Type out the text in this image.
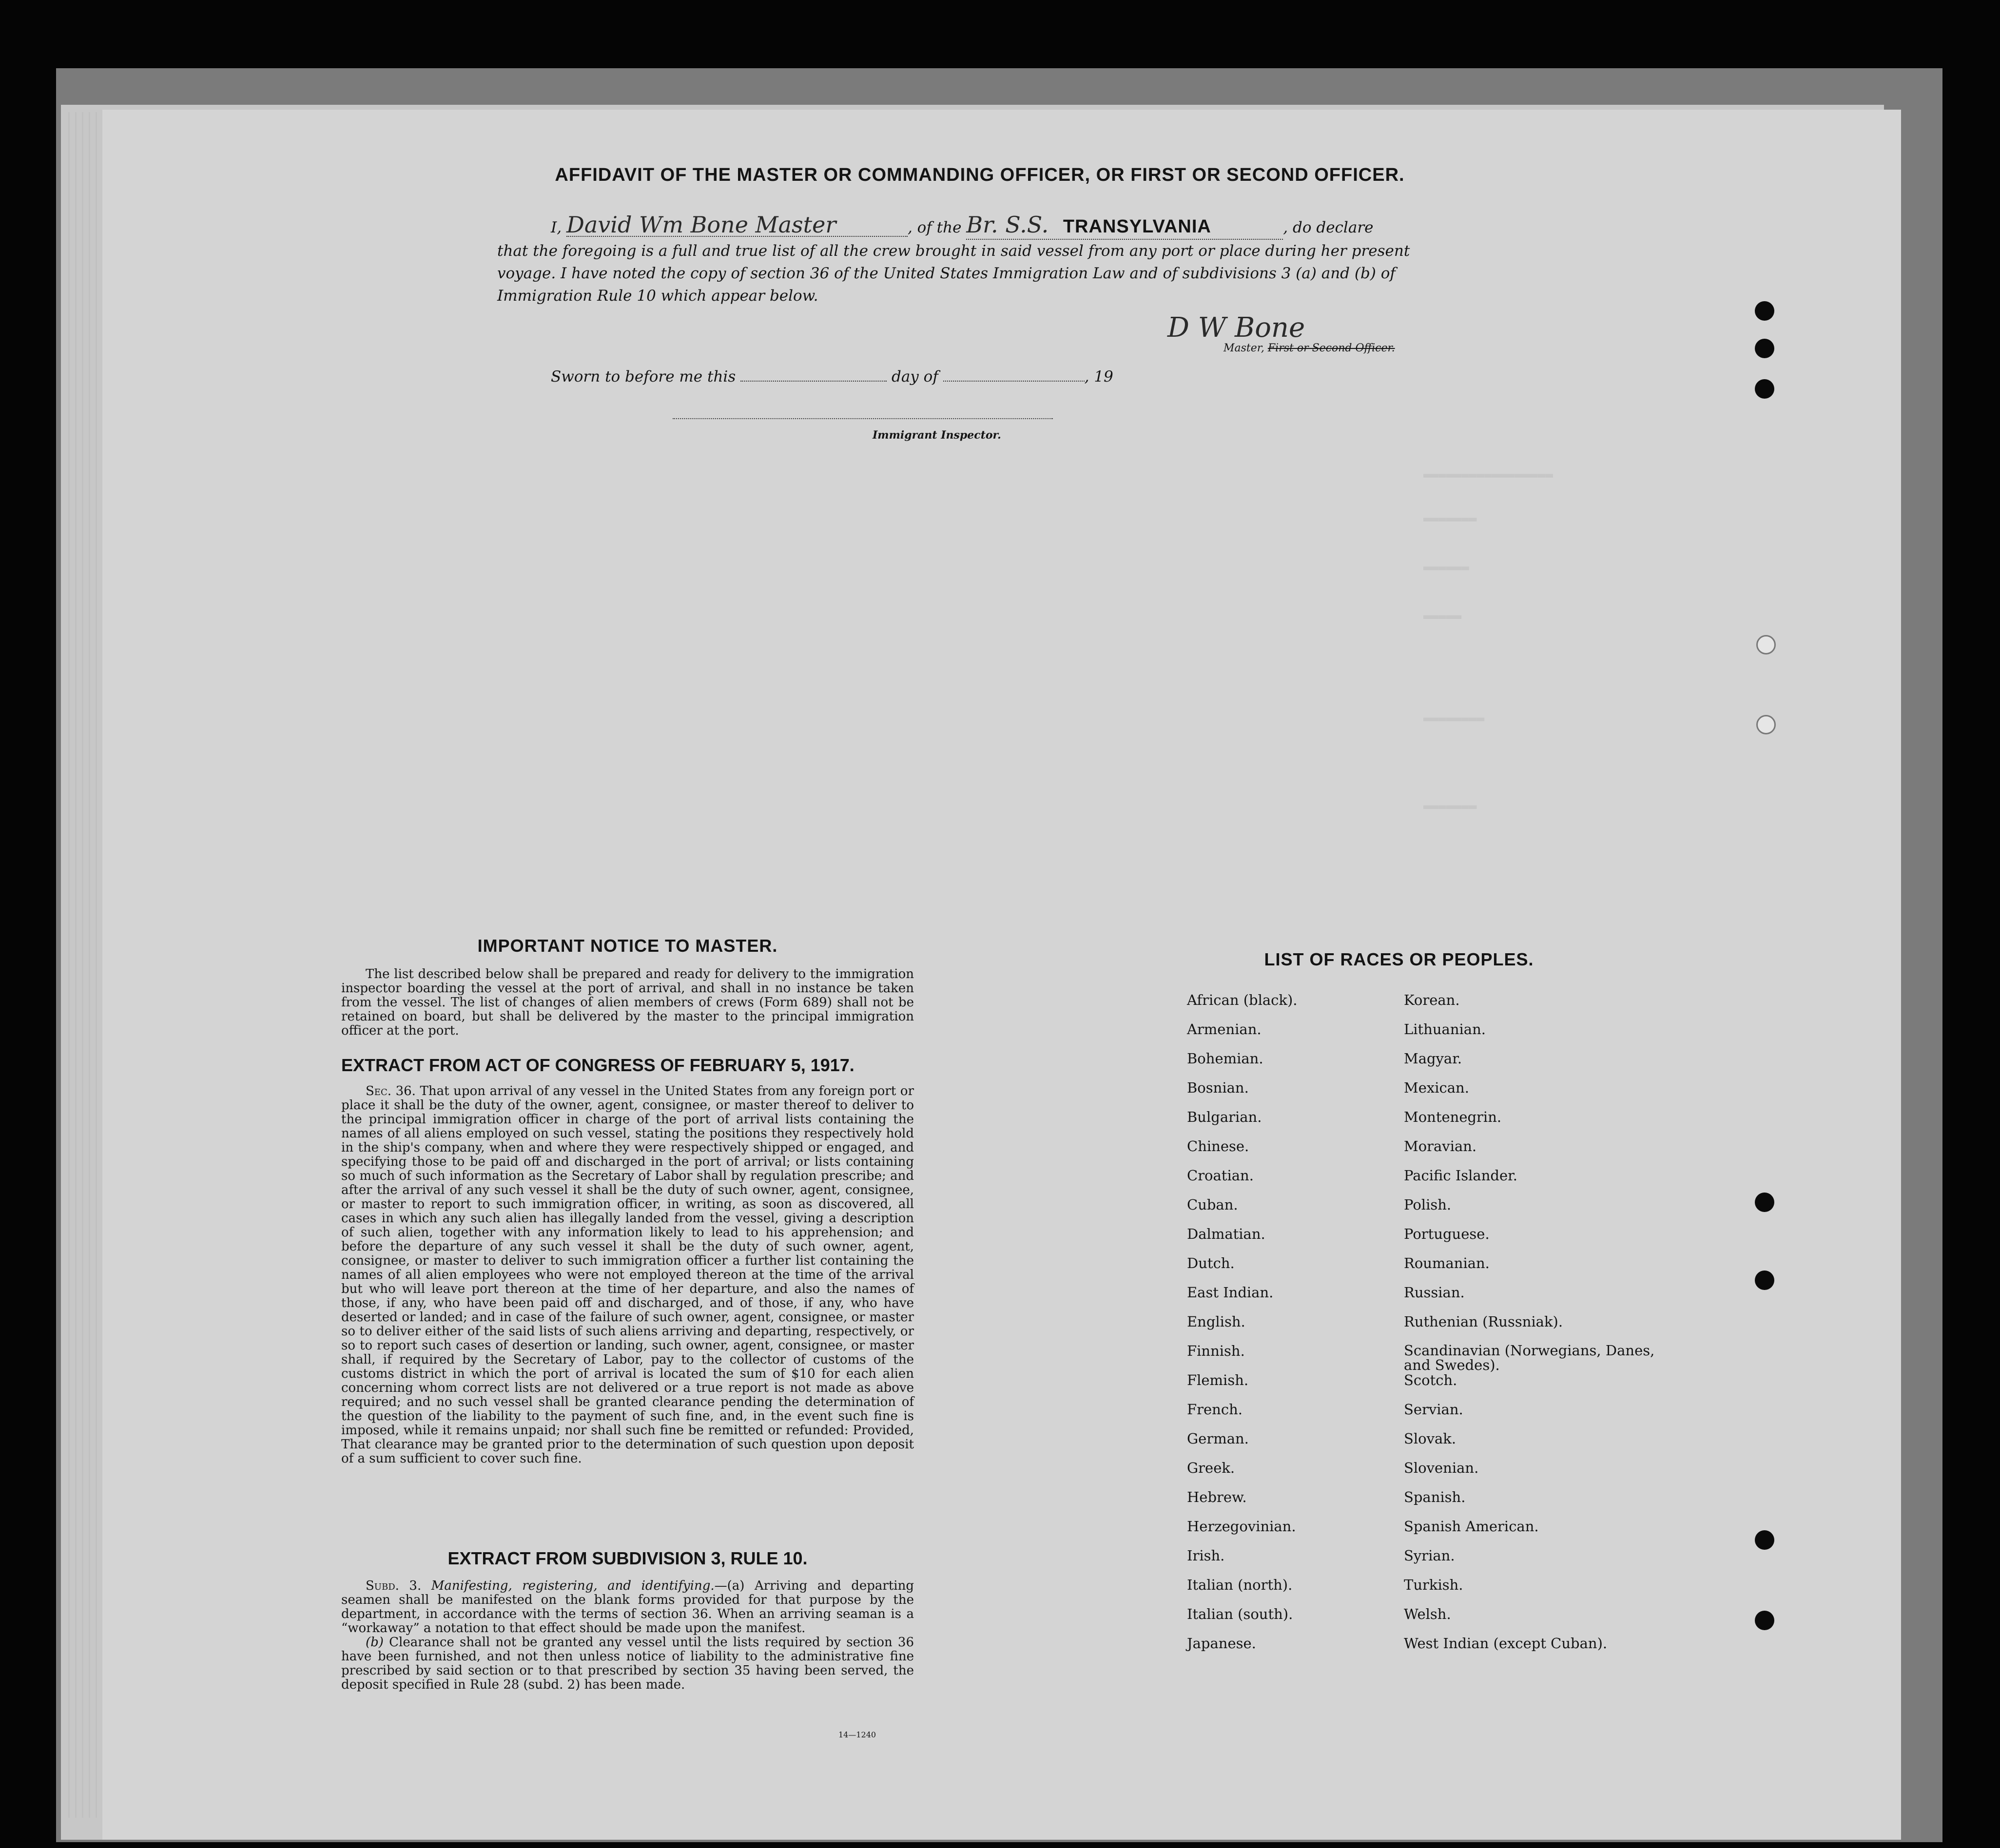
▬▬▬▬▬▬▬▬▬▬▬▬▬▬▬▬▬
▬▬▬▬▬▬▬
▬▬▬▬▬▬
▬▬▬▬▬
▬▬▬▬▬▬▬▬
▬▬▬▬▬▬▬
AFFIDAVIT OF THE MASTER OR COMMANDING OFFICER, OR FIRST OR SECOND OFFICER.
I, David Wm Bone Master	, of the Br. S.S. TRANSYLVANIA	, do declare
that the foregoing is a full and true list of all the crew brought in said vessel from any port or place during her present voyage. I have noted the copy of section 36 of the United States Immigration Law and of subdivisions 3 (a) and (b) of Immigration Rule 10 which appear below.
D W Bone
Master, First or Second Officer.
Sworn to before me this	day of	, 19
Immigrant Inspector.
IMPORTANT NOTICE TO MASTER.
The list described below shall be prepared and ready for delivery to the immigration inspector boarding the vessel at the port of arrival, and shall in no instance be taken from the vessel. The list of changes of alien members of crews (Form 689) shall not be retained on board, but shall be delivered by the master to the principal immigration officer at the port.
EXTRACT FROM ACT OF CONGRESS OF FEBRUARY 5, 1917.
Sec. 36. That upon arrival of any vessel in the United States from any foreign port or place it shall be the duty of the owner, agent, consignee, or master thereof to deliver to the principal immigration officer in charge of the port of arrival lists containing the names of all aliens employed on such vessel, stating the positions they respectively hold in the ship's company, when and where they were respectively shipped or engaged, and specifying those to be paid off and discharged in the port of arrival; or lists containing so much of such information as the Secretary of Labor shall by regulation prescribe; and after the arrival of any such vessel it shall be the duty of such owner, agent, consignee, or master to report to such immigration officer, in writing, as soon as discovered, all cases in which any such alien has illegally landed from the vessel, giving a description of such alien, together with any information likely to lead to his apprehension; and before the departure of any such vessel it shall be the duty of such owner, agent, consignee, or master to deliver to such immigration officer a further list containing the names of all alien employees who were not employed thereon at the time of the arrival but who will leave port thereon at the time of her departure, and also the names of those, if any, who have been paid off and discharged, and of those, if any, who have deserted or landed; and in case of the failure of such owner, agent, consignee, or master so to deliver either of the said lists of such aliens arriving and departing, respectively, or so to report such cases of desertion or landing, such owner, agent, consignee, or master shall, if required by the Secretary of Labor, pay to the collector of customs of the customs district in which the port of arrival is located the sum of $10 for each alien concerning whom correct lists are not delivered or a true report is not made as above required; and no such vessel shall be granted clearance pending the determination of the question of the liability to the payment of such fine, and, in the event such fine is imposed, while it remains unpaid; nor shall such fine be remitted or refunded: Provided, That clearance may be granted prior to the determination of such question upon deposit of a sum sufficient to cover such fine.
EXTRACT FROM SUBDIVISION 3, RULE 10.
Subd. 3. Manifesting, registering, and identifying.—(a) Arriving and departing seamen shall be manifested on the blank forms provided for that purpose by the department, in accordance with the terms of section 36. When an arriving seaman is a “workaway” a notation to that effect should be made upon the manifest.
(b) Clearance shall not be granted any vessel until the lists required by section 36 have been furnished, and not then unless notice of liability to the administrative fine prescribed by said section or to that prescribed by section 35 having been served, the deposit specified in Rule 28 (subd. 2) has been made.
14—1240
LIST OF RACES OR PEOPLES.
African (black).
Armenian.
Bohemian.
Bosnian.
Bulgarian.
Chinese.
Croatian.
Cuban.
Dalmatian.
Dutch.
East Indian.
English.
Finnish.
Flemish.
French.
German.
Greek.
Hebrew.
Herzegovinian.
Irish.
Italian (north).
Italian (south).
Japanese.
Korean.
Lithuanian.
Magyar.
Mexican.
Montenegrin.
Moravian.
Pacific Islander.
Polish.
Portuguese.
Roumanian.
Russian.
Ruthenian (Russniak).
Scandinavian (Norwegians, Danes, and Swedes).
Scotch.
Servian.
Slovak.
Slovenian.
Spanish.
Spanish American.
Syrian.
Turkish.
Welsh.
West Indian (except Cuban).
